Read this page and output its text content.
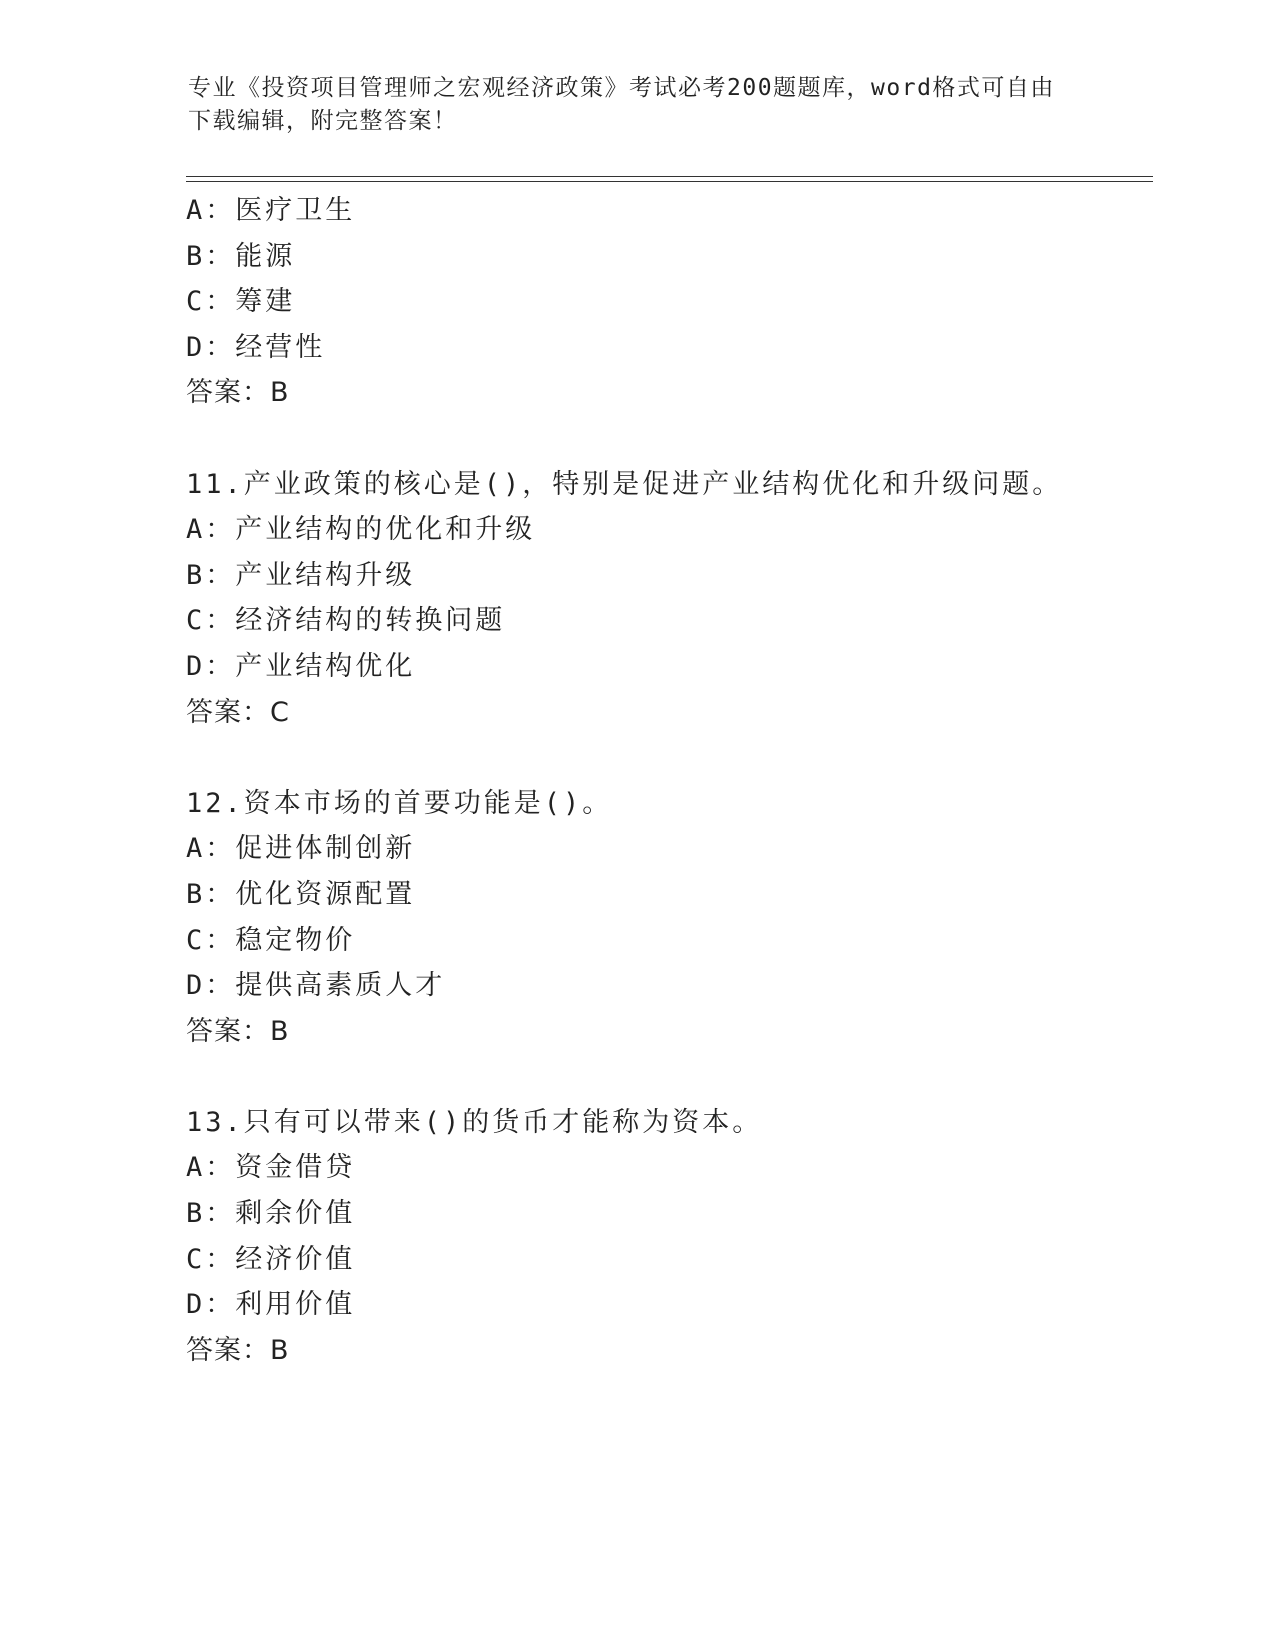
专业《投资项目管理师之宏观经济政策》考试必考200题题库，word格式可自由
下载编辑，附完整答案！
A：医疗卫生
B：能源
C：筹建
D：经营性
答案：B
11.产业政策的核心是()，特别是促进产业结构优化和升级问题。
A：产业结构的优化和升级
B：产业结构升级
C：经济结构的转换问题
D：产业结构优化
答案：C
12.资本市场的首要功能是()。
A：促进体制创新
B：优化资源配置
C：稳定物价
D：提供高素质人才
答案：B
13.只有可以带来()的货币才能称为资本。
A：资金借贷
B：剩余价值
C：经济价值
D：利用价值
答案：B
